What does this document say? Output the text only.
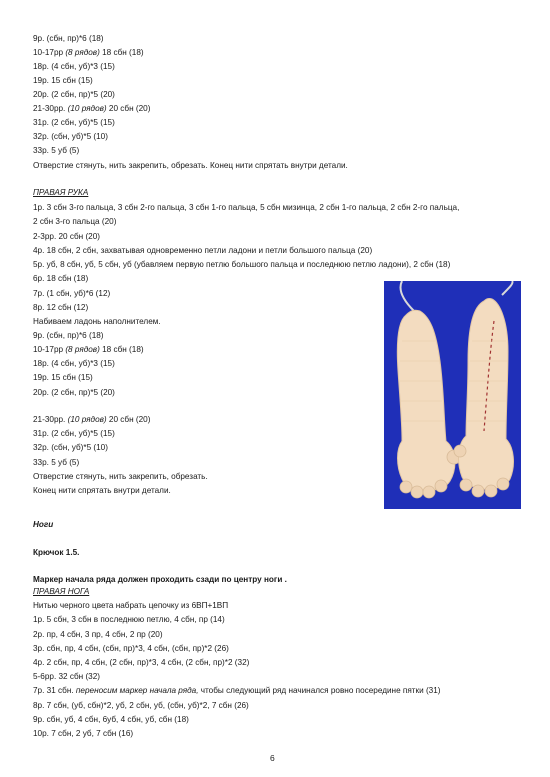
9р. (сбн, пр)*6 (18)
10-17рр (8 рядов) 18 сбн (18)
18р. (4 сбн, уб)*3 (15)
19р. 15 сбн (15)
20р. (2 сбн, пр)*5 (20)
21-30рр. (10 рядов) 20 сбн (20)
31р. (2 сбн, уб)*5 (15)
32р. (сбн, уб)*5 (10)
33р. 5 уб (5)
Отверстие стянуть, нить закрепить, обрезать. Конец нити спрятать внутри детали.
ПРАВАЯ РУКА
1р. 3 сбн 3-го пальца, 3 сбн 2-го пальца, 3 сбн 1-го пальца, 5 сбн мизинца, 2 сбн 1-го пальца, 2 сбн 2-го пальца,
2 сбн 3-го пальца (20)
2-3рр. 20 сбн (20)
4р. 18 сбн, 2 сбн, захватывая одновременно петли ладони и петли большого пальца (20)
5р. уб, 8 сбн, уб, 5 сбн, уб (убавляем первую петлю большого пальца и последнюю петлю ладони), 2 сбн (18)
6р. 18 сбн (18)
7р. (1 сбн, уб)*6 (12)
8р. 12 сбн (12)
Набиваем ладонь наполнителем.
9р. (сбн, пр)*6 (18)
10-17рр (8 рядов) 18 сбн (18)
18р. (4 сбн, уб)*3 (15)
19р. 15 сбн (15)
20р. (2 сбн, пр)*5 (20)
21-30рр. (10 рядов) 20 сбн (20)
31р. (2 сбн, уб)*5 (15)
32р. (сбн, уб)*5 (10)
33р. 5 уб (5)
Отверстие стянуть, нить закрепить, обрезать.
Конец нити спрятать внутри детали.
Ноги
Крючок 1.5.
Маркер начала ряда должен проходить сзади по центру ноги .
ПРАВАЯ НОГА
Нитью черного цвета набрать цепочку из 6ВП+1ВП
1р. 5 сбн, 3 сбн в последнюю петлю, 4 сбн, пр (14)
2р. пр, 4 сбн, 3 пр, 4 сбн, 2 пр (20)
3р. сбн, пр, 4 сбн, (сбн, пр)*3, 4 сбн, (сбн, пр)*2 (26)
4р. 2 сбн, пр, 4 сбн, (2 сбн, пр)*3, 4 сбн, (2 сбн, пр)*2 (32)
5-6рр. 32 сбн (32)
7р. 31 сбн. переносим маркер начала ряда, чтобы следующий ряд начинался ровно посередине пятки (31)
8р. 7 сбн, (уб, сбн)*2, уб, 2 сбн, уб, (сбн, уб)*2, 7 сбн (26)
9р. сбн, уб, 4 сбн, 6уб, 4 сбн, уб, сбн (18)
10р. 7 сбн, 2 уб, 7 сбн (16)
6
